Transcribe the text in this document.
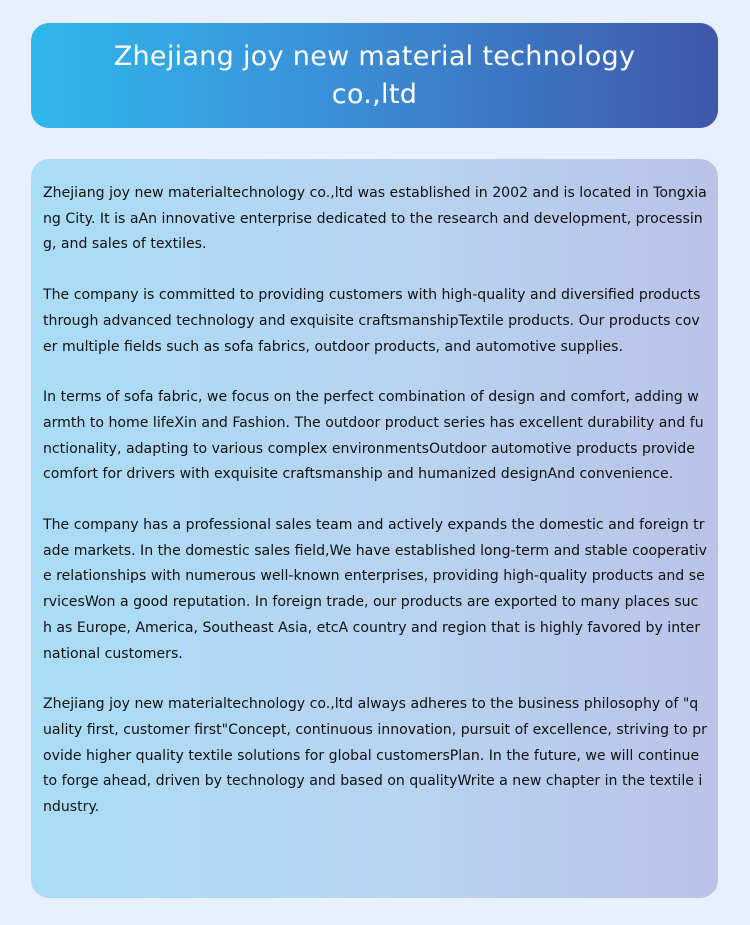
Zhejiang joy new material technology co.,ltd

Zhejiang joy new materialtechnology co.,ltd was established in 2002 and is located in Tongxiang City. It is aAn innovative enterprise dedicated to the research and development, processing, and sales of textiles.

The company is committed to providing customers with high-quality and diversified products through advanced technology and exquisite craftsmanshipTextile products. Our products cover multiple fields such as sofa fabrics, outdoor products, and automotive supplies.

In terms of sofa fabric, we focus on the perfect combination of design and comfort, adding warmth to home lifeXin and Fashion. The outdoor product series has excellent durability and functionality, adapting to various complex environmentsOutdoor automotive products provide comfort for drivers with exquisite craftsmanship and humanized designAnd convenience.

The company has a professional sales team and actively expands the domestic and foreign trade markets. In the domestic sales field,We have established long-term and stable cooperative relationships with numerous well-known enterprises, providing high-quality products and servicesWon a good reputation. In foreign trade, our products are exported to many places such as Europe, America, Southeast Asia, etcA country and region that is highly favored by international customers.

Zhejiang joy new materialtechnology co.,ltd always adheres to the business philosophy of "quality first, customer first"Concept, continuous innovation, pursuit of excellence, striving to provide higher quality textile solutions for global customersPlan. In the future, we will continue to forge ahead, driven by technology and based on qualityWrite a new chapter in the textile industry.
